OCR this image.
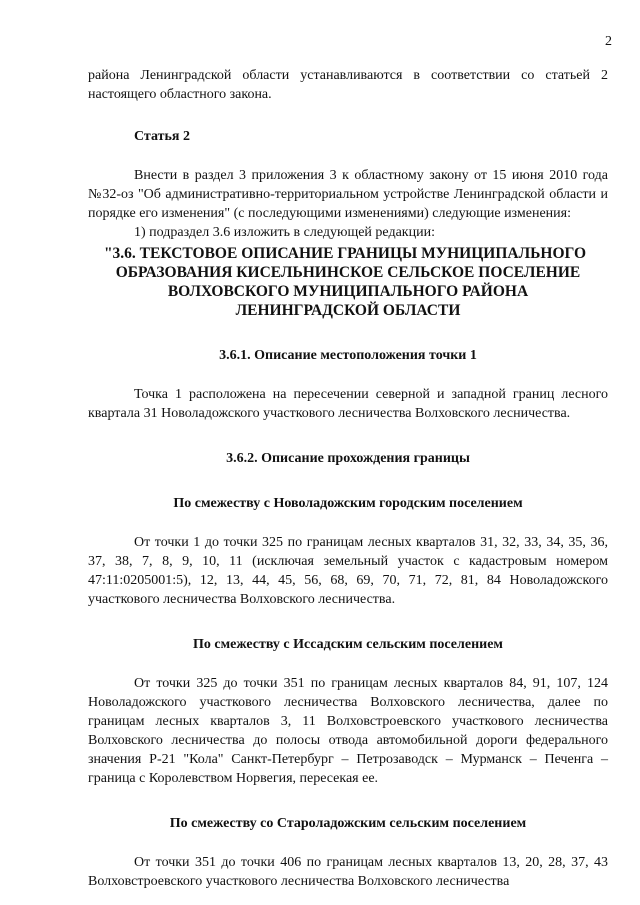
2

района Ленинградской области устанавливаются в соответствии со статьей 2 настоящего областного закона.

Статья 2

Внести в раздел 3 приложения 3 к областному закону от 15 июня 2010 года №32-оз "Об административно-территориальном устройстве Ленинградской области и порядке его изменения" (с последующими изменениями) следующие изменения:

1) подраздел 3.6 изложить в следующей редакции:

"3.6. ТЕКСТОВОЕ ОПИСАНИЕ ГРАНИЦЫ МУНИЦИПАЛЬНОГО
ОБРАЗОВАНИЯ КИСЕЛЬНИНСКОЕ СЕЛЬСКОЕ ПОСЕЛЕНИЕ
ВОЛХОВСКОГО МУНИЦИПАЛЬНОГО РАЙОНА
ЛЕНИНГРАДСКОЙ ОБЛАСТИ

3.6.1. Описание местоположения точки 1

Точка 1 расположена на пересечении северной и западной границ лесного квартала 31 Новоладожского участкового лесничества Волховского лесничества.

3.6.2. Описание прохождения границы

По смежеству с Новоладожским городским поселением

От точки 1 до точки 325 по границам лесных кварталов 31, 32, 33, 34, 35, 36, 37, 38, 7, 8, 9, 10, 11 (исключая земельный участок с кадастровым номером 47:11:0205001:5), 12, 13, 44, 45, 56, 68, 69, 70, 71, 72, 81, 84 Новоладожского участкового лесничества Волховского лесничества.

По смежеству с Иссадским сельским поселением

От точки 325 до точки 351 по границам лесных кварталов 84, 91, 107, 124 Новоладожского участкового лесничества Волховского лесничества, далее по границам лесных кварталов 3, 11 Волховстроевского участкового лесничества Волховского лесничества до полосы отвода автомобильной дороги федерального значения Р-21 "Кола" Санкт-Петербург – Петрозаводск – Мурманск – Печенга – граница с Королевством Норвегия, пересекая ее.

По смежеству со Староладожским сельским поселением

От точки 351 до точки 406 по границам лесных кварталов 13, 20, 28, 37, 43 Волховстроевского участкового лесничества Волховского лесничества
